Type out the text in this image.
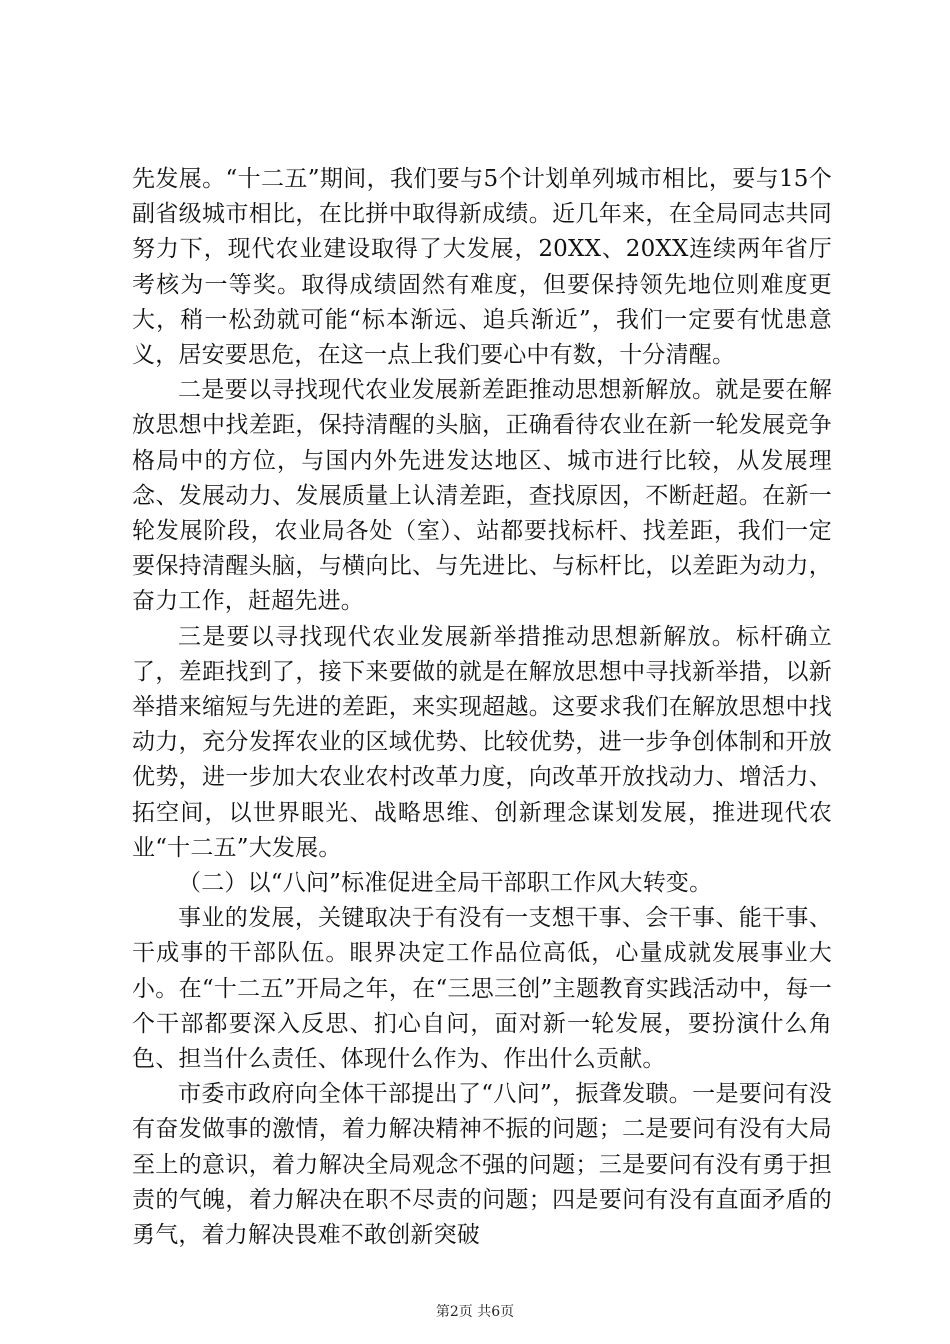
先发展。“十二五”期间，我们要与5个计划单列城市相比，要与15个副省级城市相比，在比拼中取得新成绩。近几年来，在全局同志共同努力下，现代农业建设取得了大发展，20XX、20XX连续两年省厅考核为一等奖。取得成绩固然有难度，但要保持领先地位则难度更大，稍一松劲就可能“标本渐远、追兵渐近”，我们一定要有忧患意义，居安要思危，在这一点上我们要心中有数，十分清醒。

二是要以寻找现代农业发展新差距推动思想新解放。就是要在解放思想中找差距，保持清醒的头脑，正确看待农业在新一轮发展竞争格局中的方位，与国内外先进发达地区、城市进行比较，从发展理念、发展动力、发展质量上认清差距，查找原因，不断赶超。在新一轮发展阶段，农业局各处（室）、站都要找标杆、找差距，我们一定要保持清醒头脑，与横向比、与先进比、与标杆比，以差距为动力，奋力工作，赶超先进。

三是要以寻找现代农业发展新举措推动思想新解放。标杆确立了，差距找到了，接下来要做的就是在解放思想中寻找新举措，以新举措来缩短与先进的差距，来实现超越。这要求我们在解放思想中找动力，充分发挥农业的区域优势、比较优势，进一步争创体制和开放优势，进一步加大农业农村改革力度，向改革开放找动力、增活力、拓空间，以世界眼光、战略思维、创新理念谋划发展，推进现代农业“十二五”大发展。

（二）以“八问”标准促进全局干部职工作风大转变。

事业的发展，关键取决于有没有一支想干事、会干事、能干事、干成事的干部队伍。眼界决定工作品位高低，心量成就发展事业大小。在“十二五”开局之年，在“三思三创”主题教育实践活动中，每一个干部都要深入反思、扪心自问，面对新一轮发展，要扮演什么角色、担当什么责任、体现什么作为、作出什么贡献。

市委市政府向全体干部提出了“八问”，振聋发聩。一是要问有没有奋发做事的激情，着力解决精神不振的问题；二是要问有没有大局至上的意识，着力解决全局观念不强的问题；三是要问有没有勇于担责的气魄，着力解决在职不尽责的问题；四是要问有没有直面矛盾的勇气，着力解决畏难不敢创新突破

第2页 共6页
